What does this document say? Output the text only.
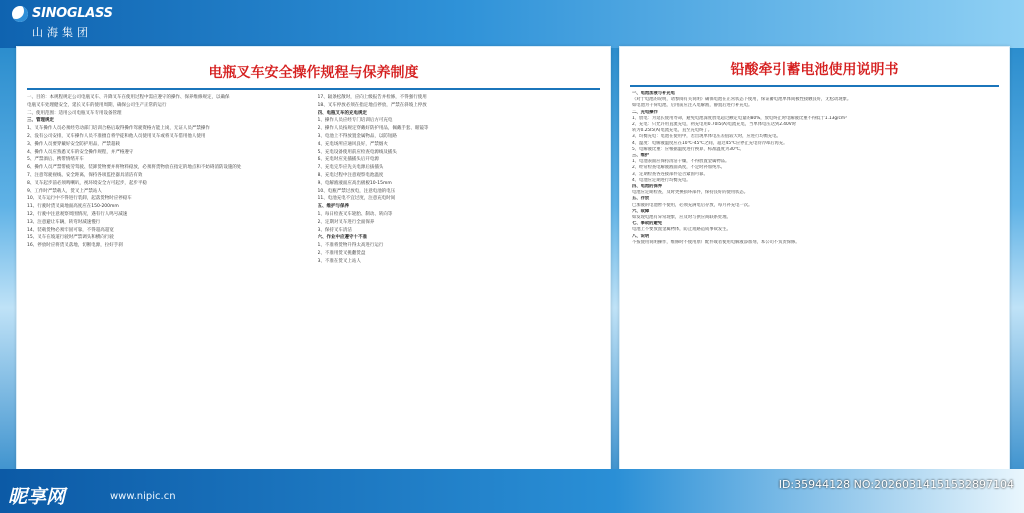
SINOGLASS
山海集团
电瓶叉车安全操作规程与保养制度
一、目的：本规程规定公司电瓶叉车、升降叉车在使用过程中需应遵守的操作、保养维修规定，以确保
电瓶叉车处理健安全，延长叉车的使用周期，确保公司生产正常的运行
二、使用范围：适用公司电瓶叉车专用设备管理
三、管理规定
1、叉车操作人员必须经劳动部门培训合格后取得操作驾驶资格方能上岗，无证人员严禁操作
2、没有公司安排，叉车操作人员不准擅自将学徒和他人员使用叉车或将叉车借用他人使用
3、操作人员要穿戴好安全防护用品，严禁超载
4、操作人员应熟悉叉车的安全操作规程，并严格遵守
5、严禁酒后、携带情绪开车
6、操作人员严禁带疲劳驾驶、装卸货物要并将物料稳放，必须将货物放在指定的地点和不妨碍消防设施的处
7、注意驾驶视线、安全距离，保持各项监控器具清洁有效
8、叉车起步前必须鸣喇叭，视环境安全方可起步，起步平稳
9、工作时严禁载人，货叉上严禁站人
10、叉车运行中不得进行装卸，起落货物时应停稳车
11、行驶时货叉离地面高度应在150-200mm
12、行驶中注意观察周围情况，遇有行人鸣号减速
13、注意避让车辆，转弯时减速慢行
14、装载货物必须牢固可靠，不得超高超宽
15、叉车在坡道行驶时严禁调头和横向行驶
16、停放时应将货叉落地，切断电源，拉好手刹
17、辐条松散时，应向上级报告并检修，不得强行使用
18、叉车停放必须在指定地点停放，严禁在斜坡上停放
四、电瓶叉车的充电规定
1、操作人员应经专门培训后方可充电
2、操作人员按规定穿戴好防护用品，佩戴手套、眼镜等
3、电池上不得放置金属物品，以防短路
4、充电场所应通风良好，严禁烟火
5、充电设备使用前应检查电源线及插头
6、充电时应先插插头后开电源
7、充电完毕应先关电源后拔插头
8、充电过程中注意观察电池温度
9、电解液液面应高出极板10-15mm
10、电瓶严禁过放电，注意电池的电压
11、电池充电不宜过度，注意充电时间
五、维护与保养
1、每日检查叉车轮胎、制动、转向等
2、定期对叉车进行全面保养
3、保持叉车清洁
六、作业中应遵守十不准
1、不准将货物升得太高进行运行
2、不准用货叉挑翻货盘
3、不准在货叉上站人
铅酸牵引蓄电池使用说明书
一、电池加液与补充电
（对于电池的说明，请参阅有关说明）确保电池在正常状态下使用，保证蓄电池单体间极性接触良好，无松动现象。
如电池为干荷电池，启用前应注入电解液，静置后进行补充电。
二、充电操作
1、放电：为延长使用寿命，避免电池深度放电超过额定电量的80%，放电终止时电解液比重不得低于1.13g/cm³
2、充电：只允许用直流充电，初充电用0.70I5(A)电流充电，当单体电压达到2.40V时
转为0.25I5(A)电流充电，直至充电终了。
3、均衡充电：电池在使用中，若出现单体电压差值较大时，应进行均衡充电。
4、温度：电解液温度应在10℃-45℃之间，超过45℃应停止充电待冷却后再充。
5、电解液比重：应根据温度进行换算，标准温度为30℃。
三、维护
1、电池表面应保持清洁干燥，不得放置金属物品。
2、经常检查电解液液面高度，不足时补加纯水。
3、定期检查各连接部件是否紧固可靠。
4、电池应定期进行均衡充电。
四、电池的保养
电池应定期检查，及时更换损坏部件，保持良好的使用状态。
五、存放
已加液的电池暂不使用，必须充满电后存放，每月补充电一次。
六、故障
如发现电池有异常现象，应及时与供应商联系处理。
七、事故的避免
电池上不要放置金属物体，防止短路造成事故发生。
八、说明
不按使用说明操作，维修时不使用原厂配件或者使用电解液添加剂，本公司不负责保修。
昵享网	www.nipic.cn
ID:35944128 NO:20260314151532897104
